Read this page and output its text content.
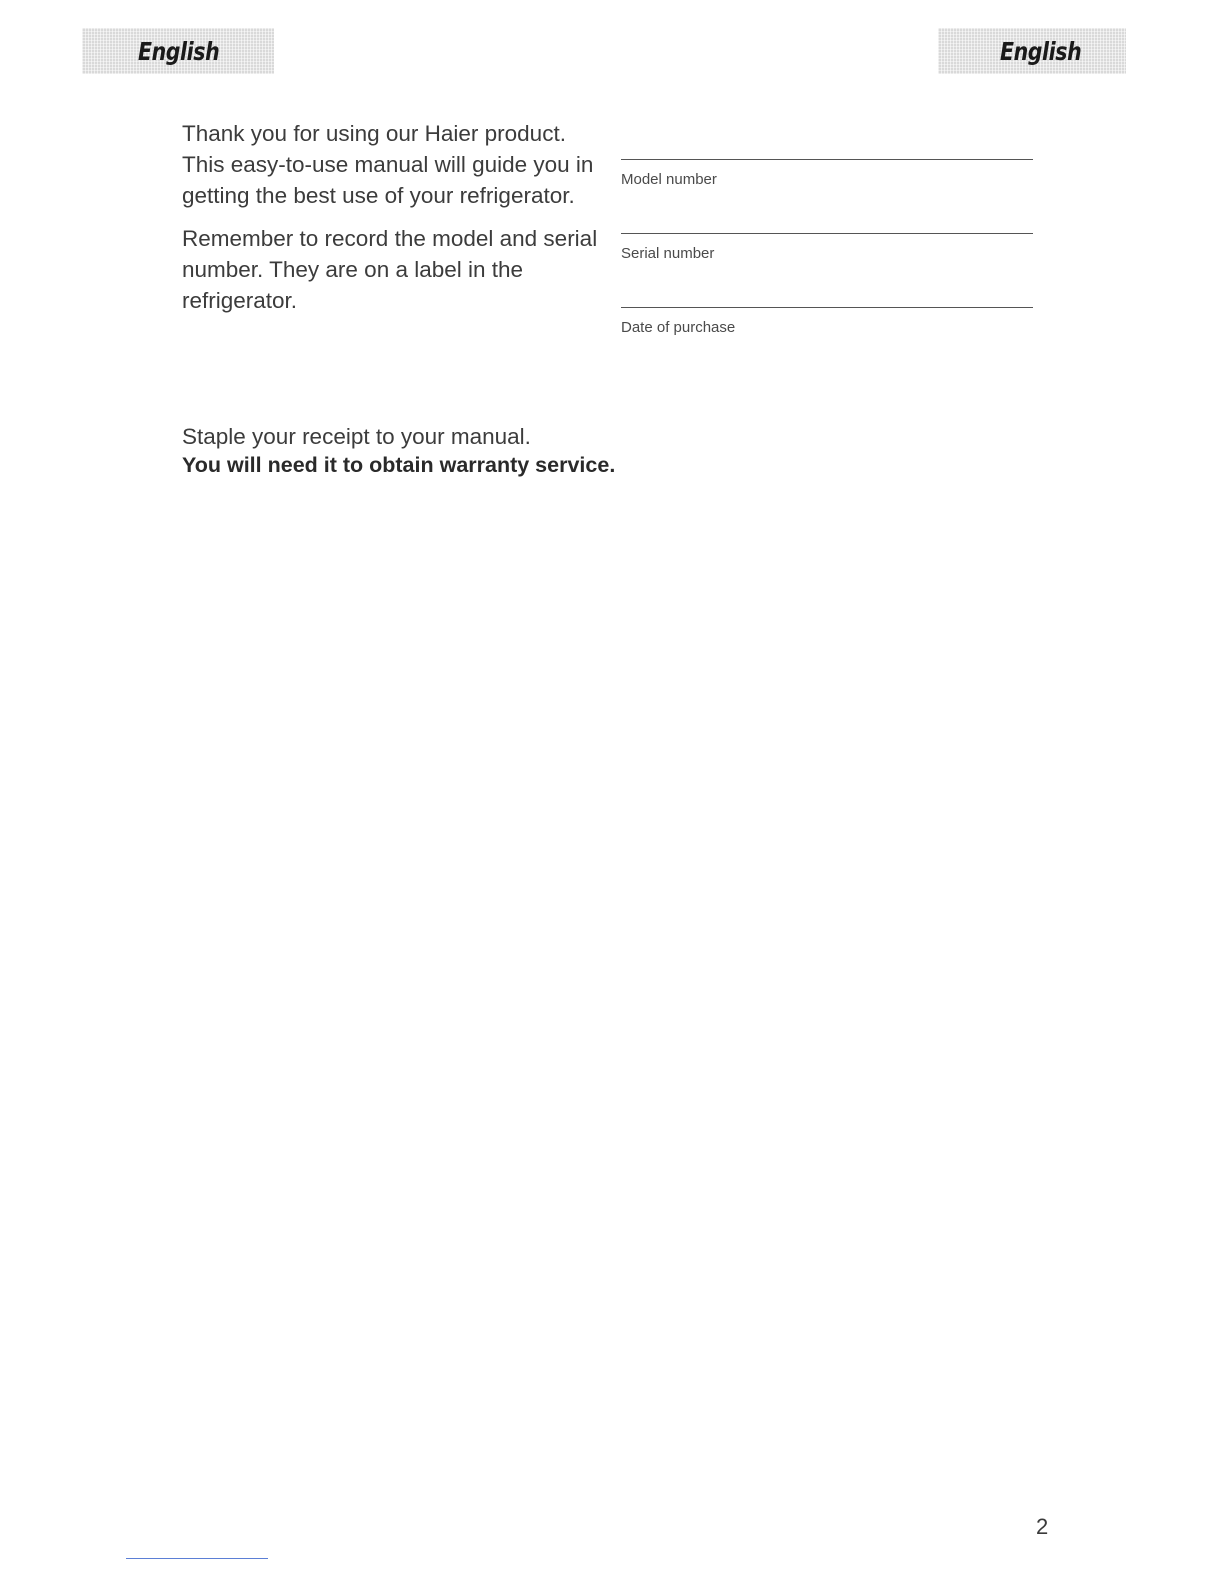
English	English

Thank you for using our Haier product. This easy-to-use manual will guide you in getting the best use of your refrigerator.

Remember to record the model and serial number. They are on a label in the refrigerator.

Model number
Serial number
Date of purchase

Staple your receipt to your manual.

You will need it to obtain warranty service.

2
